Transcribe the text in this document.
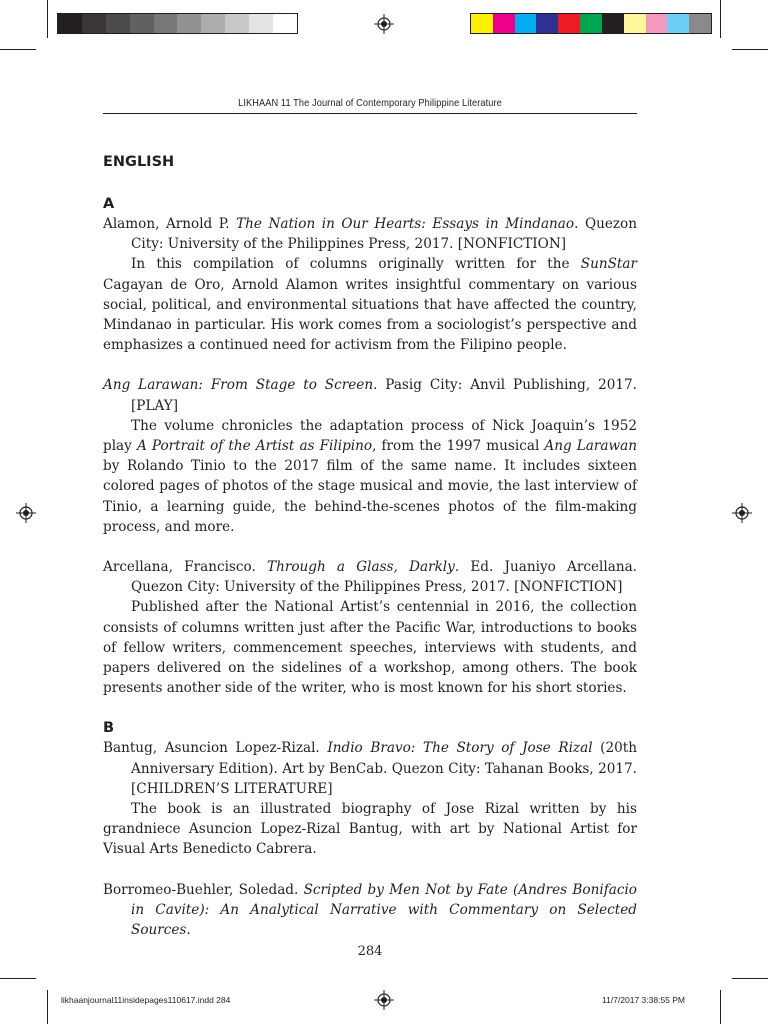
LIKHAAN 11 The Journal of Contemporary Philippine Literature
ENGLISH
A
Alamon, Arnold P. The Nation in Our Hearts: Essays in Mindanao. Quezon City: University of the Philippines Press, 2017. [NONFICTION]
In this compilation of columns originally written for the SunStar Cagayan de Oro, Arnold Alamon writes insightful commentary on various social, political, and environmental situations that have affected the country, Mindanao in particular. His work comes from a sociologist’s perspective and emphasizes a continued need for activism from the Filipino people.
Ang Larawan: From Stage to Screen. Pasig City: Anvil Publishing, 2017. [PLAY]
The volume chronicles the adaptation process of Nick Joaquin’s 1952 play A Portrait of the Artist as Filipino, from the 1997 musical Ang Larawan by Rolando Tinio to the 2017 film of the same name. It includes sixteen colored pages of photos of the stage musical and movie, the last interview of Tinio, a learning guide, the behind-the-scenes photos of the film-making process, and more.
Arcellana, Francisco. Through a Glass, Darkly. Ed. Juaniyo Arcellana. Quezon City: University of the Philippines Press, 2017. [NONFICTION]
Published after the National Artist’s centennial in 2016, the collection consists of columns written just after the Pacific War, introductions to books of fellow writers, commencement speeches, interviews with students, and papers delivered on the sidelines of a workshop, among others. The book presents another side of the writer, who is most known for his short stories.
B
Bantug, Asuncion Lopez-Rizal. Indio Bravo: The Story of Jose Rizal (20th Anniversary Edition). Art by BenCab. Quezon City: Tahanan Books, 2017. [CHILDREN’S LITERATURE]
The book is an illustrated biography of Jose Rizal written by his grandniece Asuncion Lopez-Rizal Bantug, with art by National Artist for Visual Arts Benedicto Cabrera.
Borromeo-Buehler, Soledad. Scripted by Men Not by Fate (Andres Bonifacio in Cavite): An Analytical Narrative with Commentary on Selected Sources.
284
likhaanjournal11insidepages110617.indd 284	11/7/2017 3:38:55 PM
